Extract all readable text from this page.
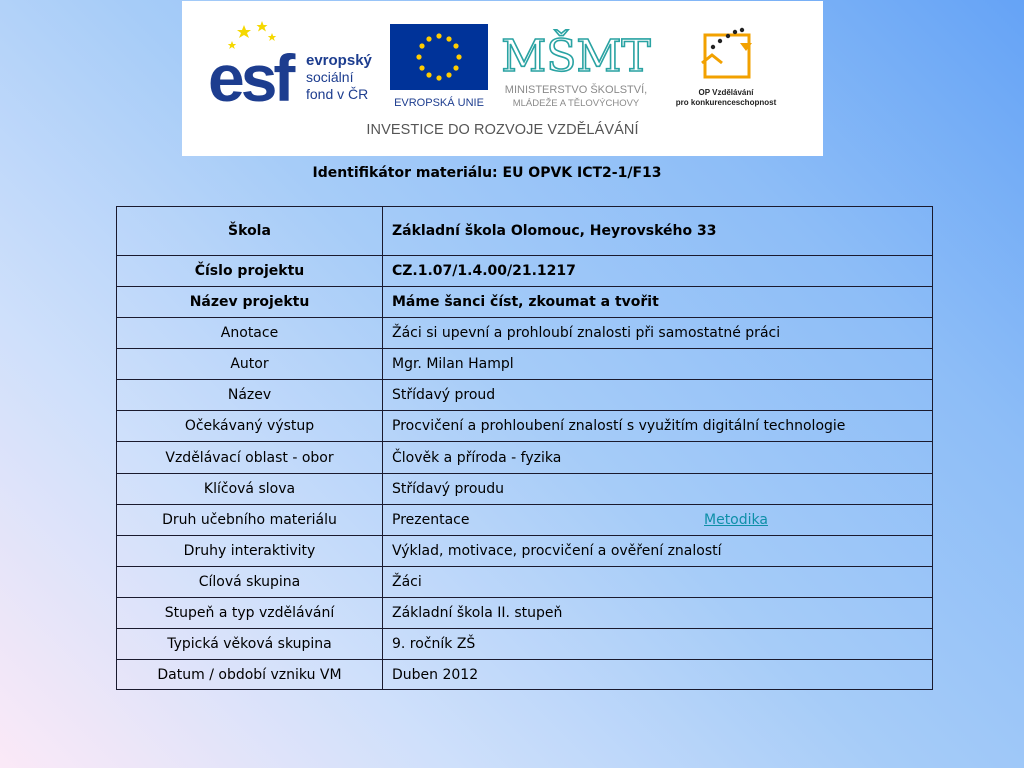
esf evropský
sociální
fond v ČR
EVROPSKÁ UNIE
MŠMT
MINISTERSTVO ŠKOLSTVÍ,
MLÁDEŽE A TĚLOVÝCHOVY
OP Vzdělávání
pro konkurenceschopnost
INVESTICE DO ROZVOJE VZDĚLÁVÁNÍ
Identifikátor materiálu: EU OPVK ICT2-1/F13
Škola	Základní škola Olomouc, Heyrovského 33
Číslo projektu	CZ.1.07/1.4.00/21.1217
Název projektu	Máme šanci číst, zkoumat a tvořit
Anotace	Žáci si upevní a prohloubí znalosti při samostatné práci
Autor	Mgr. Milan Hampl
Název	Střídavý proud
Očekávaný výstup	Procvičení a prohloubení znalostí s využitím digitální technologie
Vzdělávací oblast - obor	Člověk a příroda - fyzika
Klíčová slova	Střídavý proudu
Druh učebního materiálu	Prezentace Metodika

Druhy interaktivity	Výklad, motivace, procvičení a ověření znalostí
Cílová skupina	Žáci
Stupeň a typ vzdělávání	Základní škola II. stupeň
Typická věková skupina	9. ročník ZŠ
Datum / období vzniku VM	Duben 2012
